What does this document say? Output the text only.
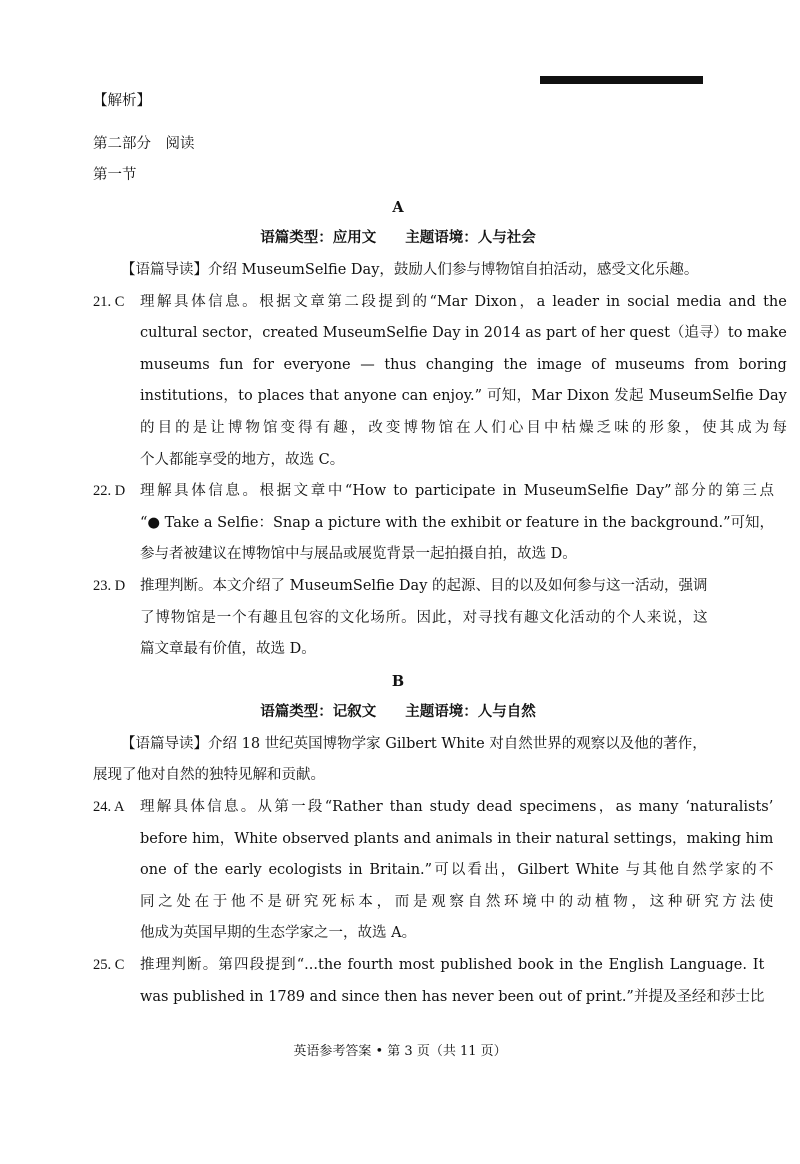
【解析】
第二部分　阅读
第一节
A
语篇类型：应用文　　主题语境：人与社会
【语篇导读】介绍 MuseumSelfie Day，鼓励人们参与博物馆自拍活动，感受文化乐趣。
21. C	理解具体信息。根据文章第二段提到的“Mar Dixon，a leader in social media and the
cultural sector，created MuseumSelfie Day in 2014 as part of her quest（追寻）to make
museums fun for everyone — thus changing the image of museums from boring
institutions，to places that anyone can enjoy.” 可知，Mar Dixon 发起 MuseumSelfie Day
的目的是让博物馆变得有趣，改变博物馆在人们心目中枯燥乏味的形象，使其成为每
个人都能享受的地方，故选 C。
22. D	理解具体信息。根据文章中“How to participate in MuseumSelfie Day”部分的第三点
“● Take a Selfie：Snap a picture with the exhibit or feature in the background.”可知，
参与者被建议在博物馆中与展品或展览背景一起拍摄自拍，故选 D。
23. D	推理判断。本文介绍了 MuseumSelfie Day 的起源、目的以及如何参与这一活动，强调
了博物馆是一个有趣且包容的文化场所。因此，对寻找有趣文化活动的个人来说，这
篇文章最有价值，故选 D。
B
语篇类型：记叙文　　主题语境：人与自然
【语篇导读】介绍 18 世纪英国博物学家 Gilbert White 对自然世界的观察以及他的著作，
展现了他对自然的独特见解和贡献。
24. A	理解具体信息。从第一段“Rather than study dead specimens，as many ‘naturalists’
before him，White observed plants and animals in their natural settings，making him
one of the early ecologists in Britain.”可以看出，Gilbert White 与其他自然学家的不
同之处在于他不是研究死标本，而是观察自然环境中的动植物，这种研究方法使
他成为英国早期的生态学家之一，故选 A。
25. C	推理判断。第四段提到“...the fourth most published book in the English Language. It
was published in 1789 and since then has never been out of print.”并提及圣经和莎士比
英语参考答案 • 第 3 页（共 11 页）
